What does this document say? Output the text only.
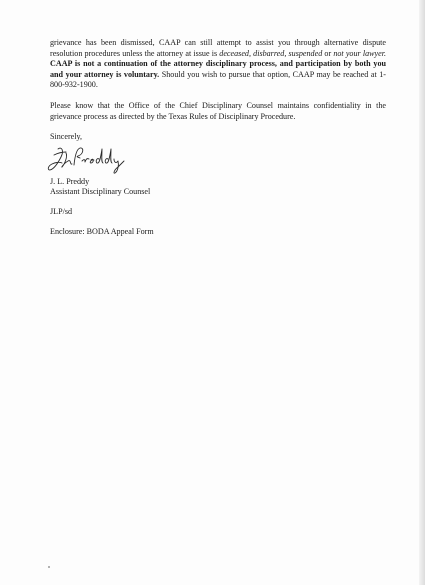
grievance has been dismissed, CAAP can still attempt to assist you through alternative dispute resolution procedures unless the attorney at issue is deceased, disbarred, suspended or not your lawyer. CAAP is not a continuation of the attorney disciplinary process, and participation by both you and your attorney is voluntary. Should you wish to pursue that option, CAAP may be reached at 1-800-932-1900.

Please know that the Office of the Chief Disciplinary Counsel maintains confidentiality in the grievance process as directed by the Texas Rules of Disciplinary Procedure.

Sincerely,

J. L. Preddy

Assistant Disciplinary Counsel

JLP/sd

Enclosure: BODA Appeal Form
